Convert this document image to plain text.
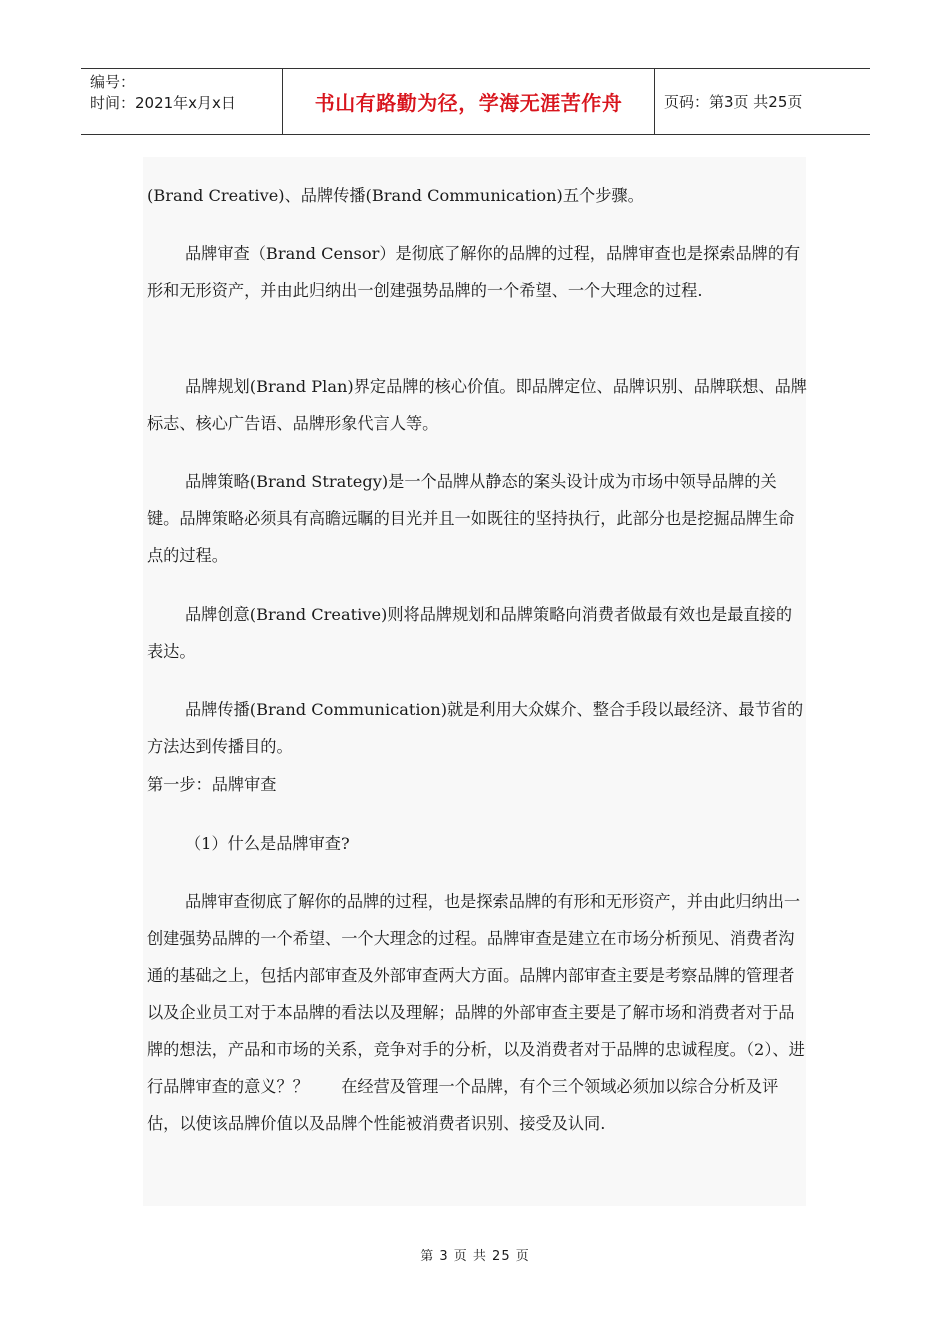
编号：
时间：2021年x月x日	书山有路勤为径，学海无涯苦作舟	页码：第3页 共25页

(Brand Creative)、品牌传播(Brand Communication)五个步骤。

品牌审查（Brand Censor）是彻底了解你的品牌的过程，品牌审查也是探索品牌的有形和无形资产，并由此归纳出一创建强势品牌的一个希望、一个大理念的过程.

品牌规划(Brand Plan)界定品牌的核心价值。即品牌定位、品牌识别、品牌联想、品牌标志、核心广告语、品牌形象代言人等。

品牌策略(Brand Strategy)是一个品牌从静态的案头设计成为市场中领导品牌的关键。品牌策略必须具有高瞻远瞩的目光并且一如既往的坚持执行，此部分也是挖掘品牌生命点的过程。

品牌创意(Brand Creative)则将品牌规划和品牌策略向消费者做最有效也是最直接的表达。

品牌传播(Brand Communication)就是利用大众媒介、整合手段以最经济、最节省的方法达到传播目的。

第一步：品牌审查

（1）什么是品牌审查?

品牌审查彻底了解你的品牌的过程，也是探索品牌的有形和无形资产，并由此归纳出一创建强势品牌的一个希望、一个大理念的过程。品牌审查是建立在市场分析预见、消费者沟通的基础之上，包括内部审查及外部审查两大方面。品牌内部审查主要是考察品牌的管理者以及企业员工对于本品牌的看法以及理解；品牌的外部审查主要是了解市场和消费者对于品牌的想法，产品和市场的关系，竞争对手的分析，以及消费者对于品牌的忠诚程度。（2）、进行品牌审查的意义？？　　在经营及管理一个品牌，有个三个领域必须加以综合分析及评估，以使该品牌价值以及品牌个性能被消费者识别、接受及认同.

第 3 页 共 25 页
